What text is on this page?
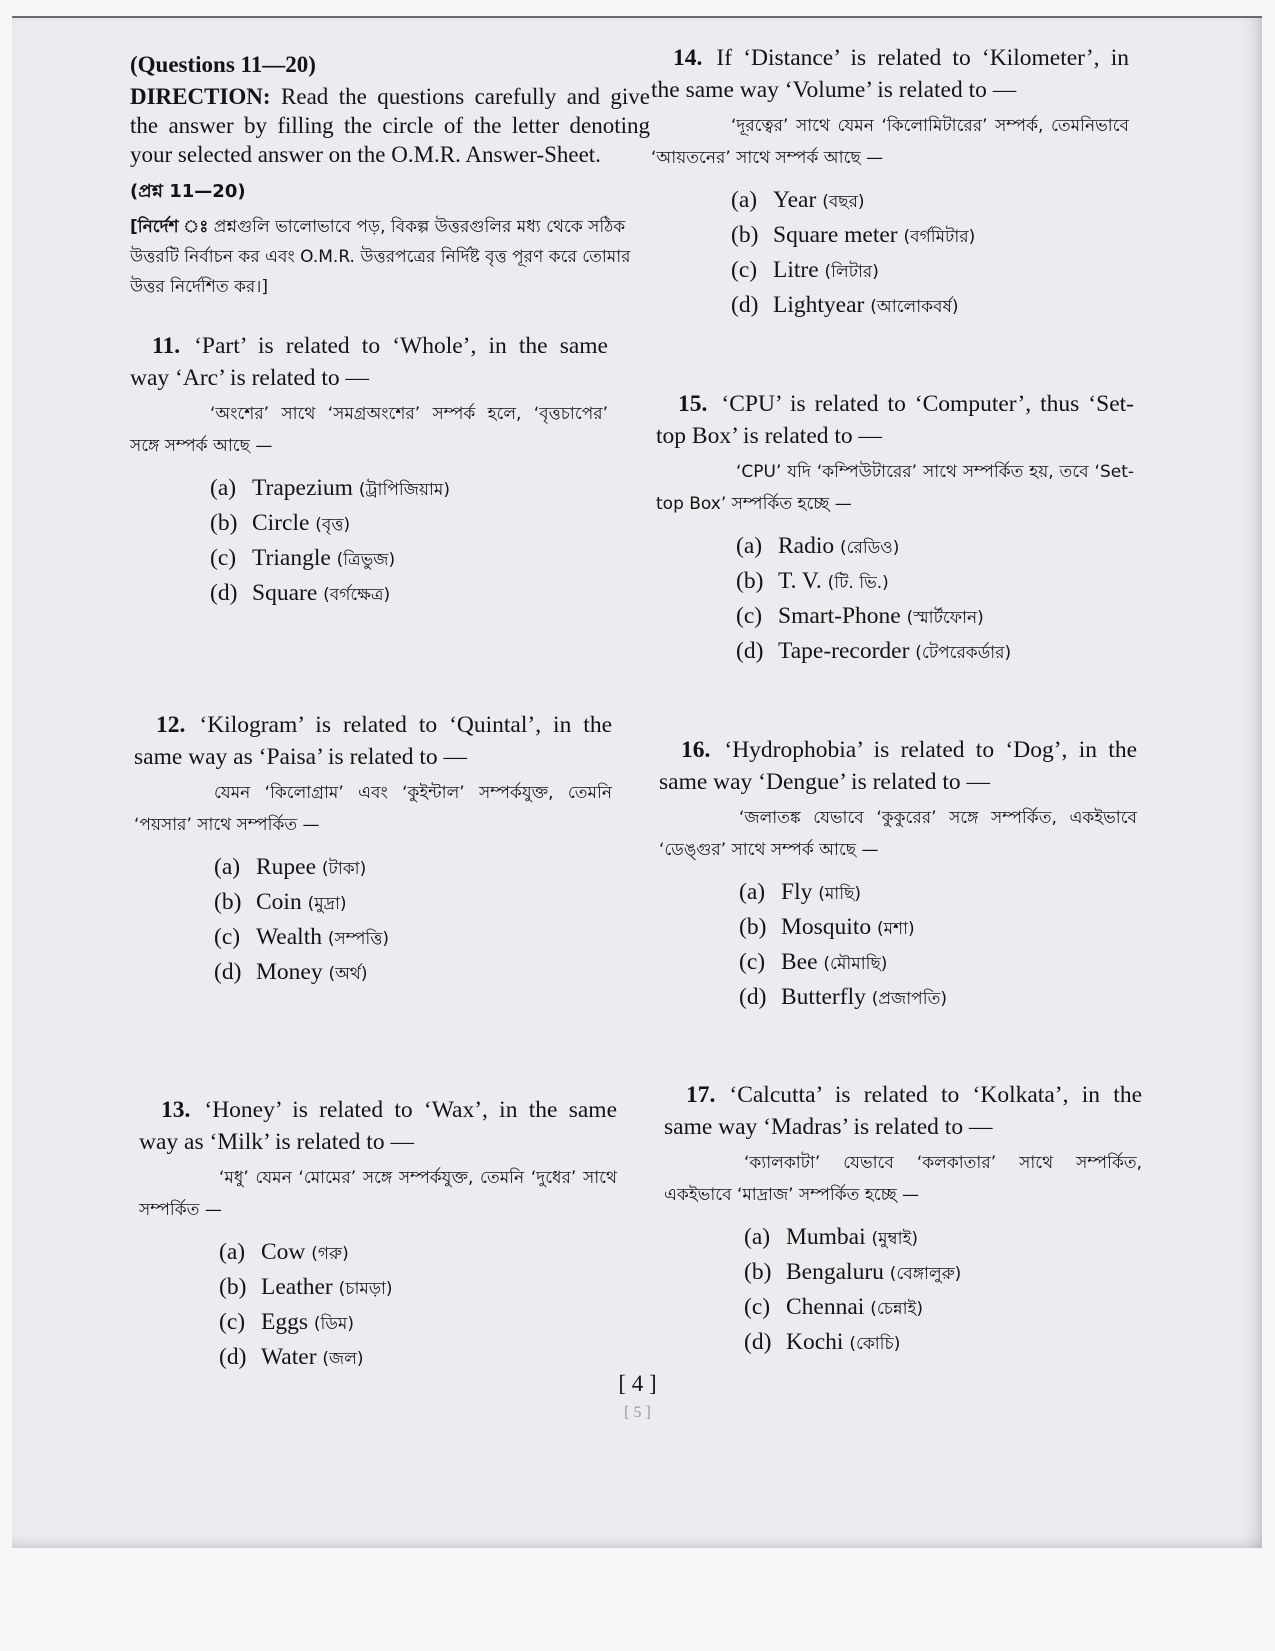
(Questions 11—20)

DIRECTION: Read the questions carefully and give the answer by filling the circle of the letter denoting your selected answer on the O.M.R. Answer-Sheet.

(প্রশ্ন 11—20)

[নির্দেশ ঃ প্রশ্নগুলি ভালোভাবে পড়, বিকল্প উত্তরগুলির মধ্য থেকে সঠিক উত্তরটি নির্বাচন কর এবং O.M.R. উত্তরপত্রের নির্দিষ্ট বৃত্ত পূরণ করে তোমার উত্তর নির্দেশিত কর।]

11. ‘Part’ is related to ‘Whole’, in the same way ‘Arc’ is related to —

‘অংশের’ সাথে ‘সমগ্রঅংশের’ সম্পর্ক হলে, ‘বৃত্তচাপের’ সঙ্গে সম্পর্ক আছে —

(a) Trapezium (ট্রাপিজিয়াম)
(b) Circle (বৃত্ত)
(c) Triangle (ত্রিভুজ)
(d) Square (বর্গক্ষেত্র)

12. ‘Kilogram’ is related to ‘Quintal’, in the same way as ‘Paisa’ is related to —

যেমন ‘কিলোগ্রাম’ এবং ‘কুইন্টাল’ সম্পর্কযুক্ত, তেমনি ‘পয়সার’ সাথে সম্পর্কিত —

(a) Rupee (টাকা)
(b) Coin (মুদ্রা)
(c) Wealth (সম্পত্তি)
(d) Money (অর্থ)

13. ‘Honey’ is related to ‘Wax’, in the same way as ‘Milk’ is related to —

‘মধু’ যেমন ‘মোমের’ সঙ্গে সম্পর্কযুক্ত, তেমনি ‘দুধের’ সাথে সম্পর্কিত —

(a) Cow (গরু)
(b) Leather (চামড়া)
(c) Eggs (ডিম)
(d) Water (জল)

14. If ‘Distance’ is related to ‘Kilometer’, in the same way ‘Volume’ is related to —

‘দূরত্বের’ সাথে যেমন ‘কিলোমিটারের’ সম্পর্ক, তেমনিভাবে ‘আয়তনের’ সাথে সম্পর্ক আছে —

(a) Year (বছর)
(b) Square meter (বর্গমিটার)
(c) Litre (লিটার)
(d) Lightyear (আলোকবর্ষ)

15. ‘CPU’ is related to ‘Computer’, thus ‘Set-top Box’ is related to —

‘CPU’ যদি ‘কম্পিউটারের’ সাথে সম্পর্কিত হয়, তবে ‘Set-top Box’ সম্পর্কিত হচ্ছে —

(a) Radio (রেডিও)
(b) T. V. (টি. ভি.)
(c) Smart-Phone (স্মার্টফোন)
(d) Tape-recorder (টেপরেকর্ডার)

16. ‘Hydrophobia’ is related to ‘Dog’, in the same way ‘Dengue’ is related to —

‘জলাতঙ্ক যেভাবে ‘কুকুরের’ সঙ্গে সম্পর্কিত, একইভাবে ‘ডেঙ্গুর’ সাথে সম্পর্ক আছে —

(a) Fly (মাছি)
(b) Mosquito (মশা)
(c) Bee (মৌমাছি)
(d) Butterfly (প্রজাপতি)

17. ‘Calcutta’ is related to ‘Kolkata’, in the same way ‘Madras’ is related to —

‘ক্যালকাটা’ যেভাবে ‘কলকাতার’ সাথে সম্পর্কিত, একইভাবে ‘মাদ্রাজ’ সম্পর্কিত হচ্ছে —

(a) Mumbai (মুম্বাই)
(b) Bengaluru (বেঙ্গালুরু)
(c) Chennai (চেন্নাই)
(d) Kochi (কোচি)
[ 4 ]
[ 5 ]
